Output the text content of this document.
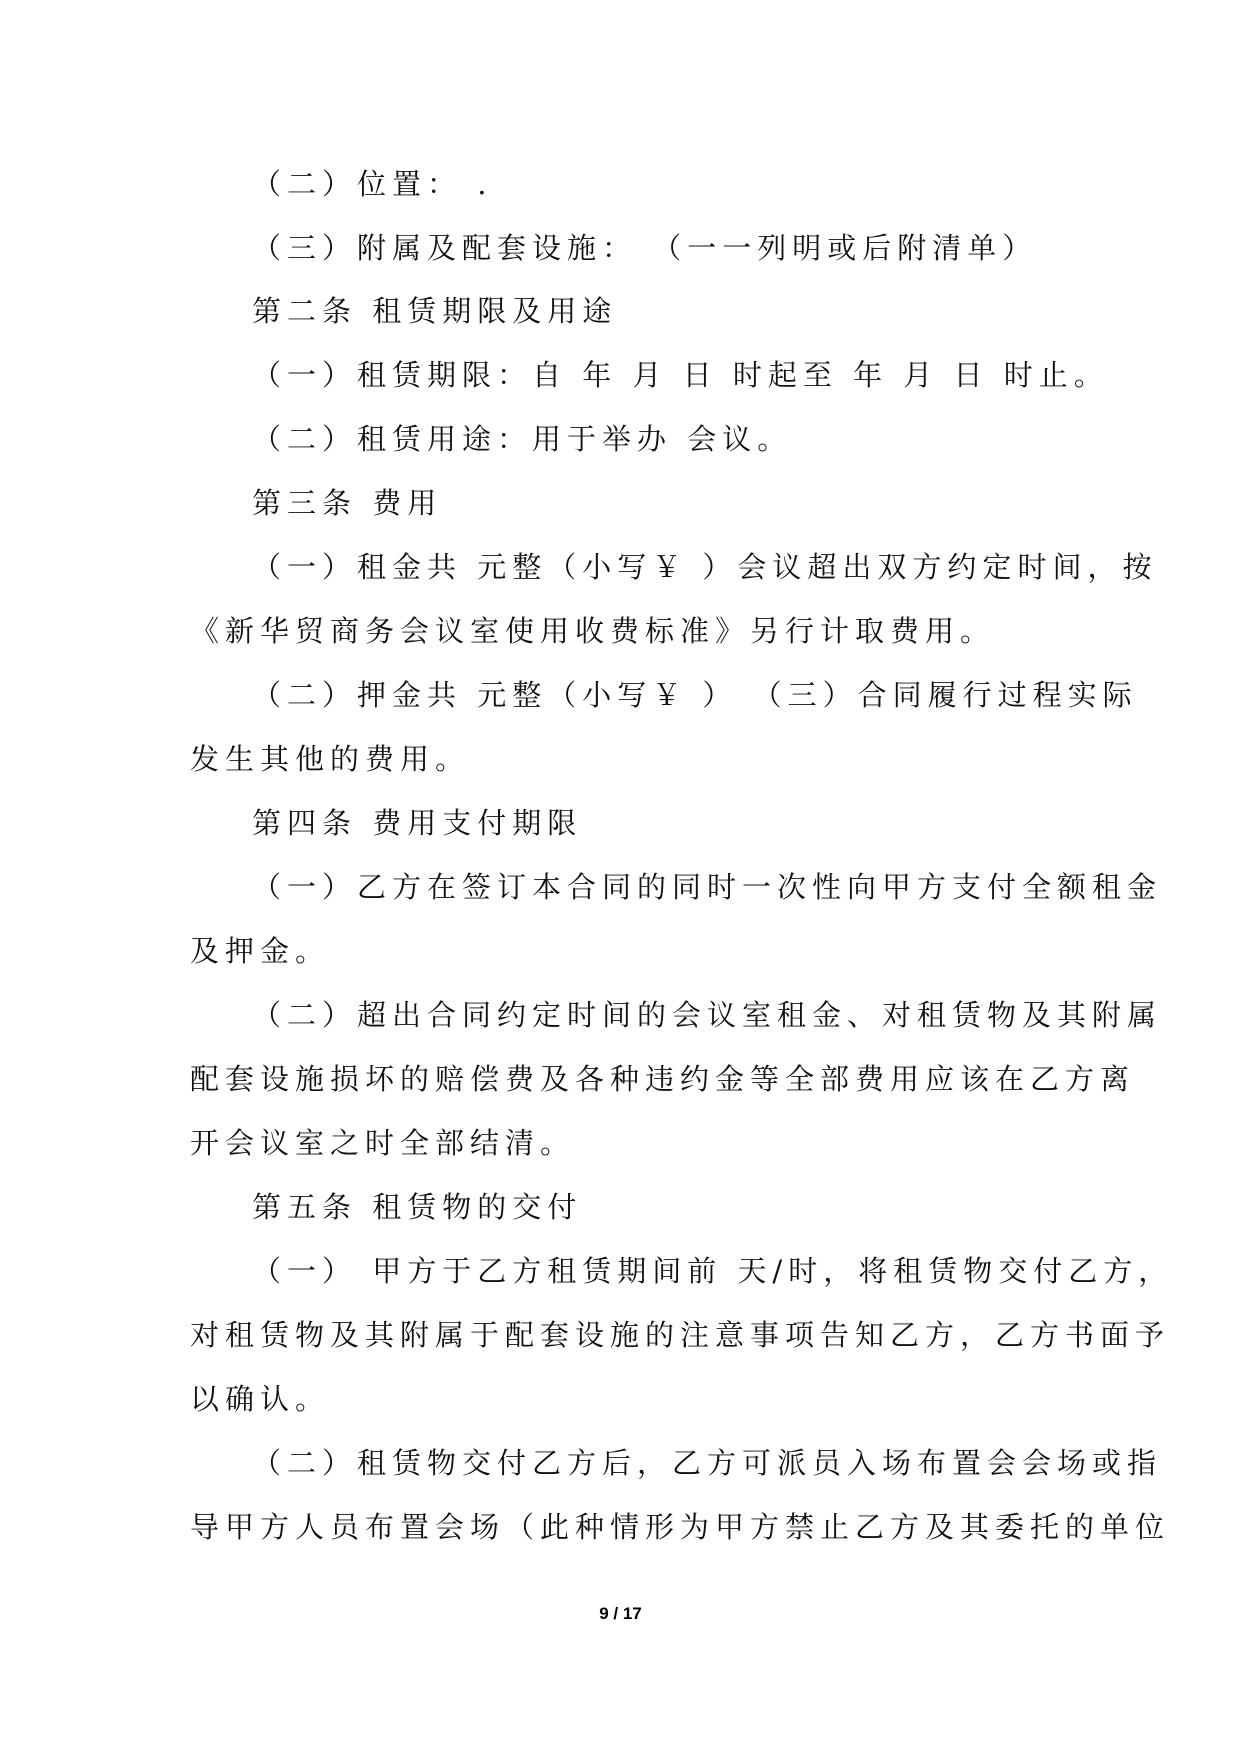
（二）位置： .
（三）附属及配套设施： （一一列明或后附清单）
第二条 租赁期限及用途
（一）租赁期限：自 年 月 日 时起至 年 月 日 时止。
（二）租赁用途：用于举办 会议。
第三条 费用
（一）租金共 元整（小写￥ ）会议超出双方约定时间，按
《新华贸商务会议室使用收费标准》另行计取费用。
（二）押金共 元整（小写￥ ） （三）合同履行过程实际
发生其他的费用。
第四条 费用支付期限
（一）乙方在签订本合同的同时一次性向甲方支付全额租金
及押金。
（二）超出合同约定时间的会议室租金、对租赁物及其附属
配套设施损坏的赔偿费及各种违约金等全部费用应该在乙方离
开会议室之时全部结清。
第五条 租赁物的交付
（一） 甲方于乙方租赁期间前 天/时，将租赁物交付乙方，
对租赁物及其附属于配套设施的注意事项告知乙方，乙方书面予
以确认。
（二）租赁物交付乙方后，乙方可派员入场布置会会场或指
导甲方人员布置会场（此种情形为甲方禁止乙方及其委托的单位
9 / 17
